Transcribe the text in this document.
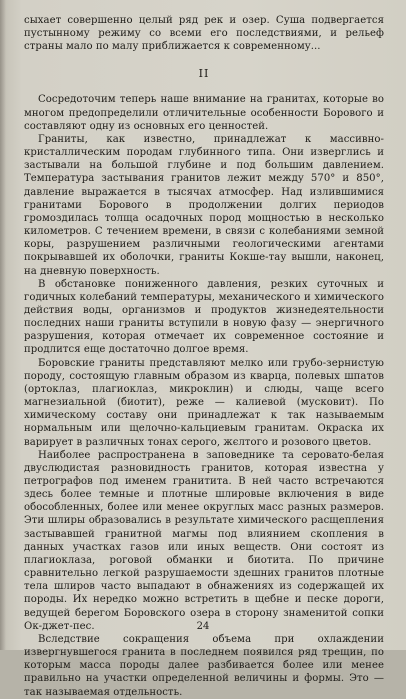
сыхает совершенно целый ряд рек и озер. Суша подвергается пустынному режиму со всеми его последствиями, и рельеф страны мало по малу приближается к современному...

II

Сосредоточим теперь наше внимание на гранитах, которые во многом предопределили отличительные особенности Борового и составляют одну из основных его ценностей.

Граниты, как известно, принадлежат к массивно-кристаллическим породам глубинного типа. Они изверглись и застывали на большой глубине и под большим давлением. Температура застывания гранитов лежит между 570° и 850°, давление выражается в тысячах атмосфер. Над излившимися гранитами Борового в продолжении долгих периодов громоздилась толща осадочных пород мощностью в несколько километров. С течением времени, в связи с колебаниями земной коры, разрушением различными геологическими агентами покрывавшей их оболочки, граниты Кокше-тау вышли, наконец, на дневную поверхность.

В обстановке пониженного давления, резких суточных и годичных колебаний температуры, механического и химического действия воды, организмов и продуктов жизнедеятельности последних наши граниты вступили в новую фазу — энергичного разрушения, которая отмечает их современное состояние и продлится еще достаточно долгое время.

Боровские граниты представляют мелко или грубо-зернистую породу, состоящую главным образом из кварца, полевых шпатов (ортоклаз, плагиоклаз, микроклин) и слюды, чаще всего магнезиальной (биотит), реже — калиевой (мусковит). По химическому составу они принадлежат к так называемым нормальным или щелочно-кальциевым гранитам. Окраска их варирует в различных тонах серого, жєлтого и розового цветов.

Наиболее распространена в заповеднике та серовато-белая двуслюдистая разновидность гранитов, которая известна у петрографов под именем гранитита. В ней часто встречаются здесь более темные и плотные шлировые включения в виде обособленных, более или менее округлых масс разных размеров. Эти шлиры образовались в результате химического расщепления застывавшей гранитной магмы под влиянием скопления в данных участках газов или иных веществ. Они состоят из плагиоклаза, роговой обманки и биотита. По причине сравнительно легкой разрушаемости здешних гранитов плотные тела шлиров часто выпадают в обнажениях из содержащей их породы. Их нередко можно встретить в щебне и песке дороги, ведущей берегом Боровского озера в сторону знаменитой сопки Ок-джет-пес.

Вследствие сокращения объема при охлаждении извергнувшегося гранита в последнем появился ряд трещин, по которым масса породы далее разбивается более или менее правильно на участки определенной величины и формы. Это — так называемая отдельность.

24
